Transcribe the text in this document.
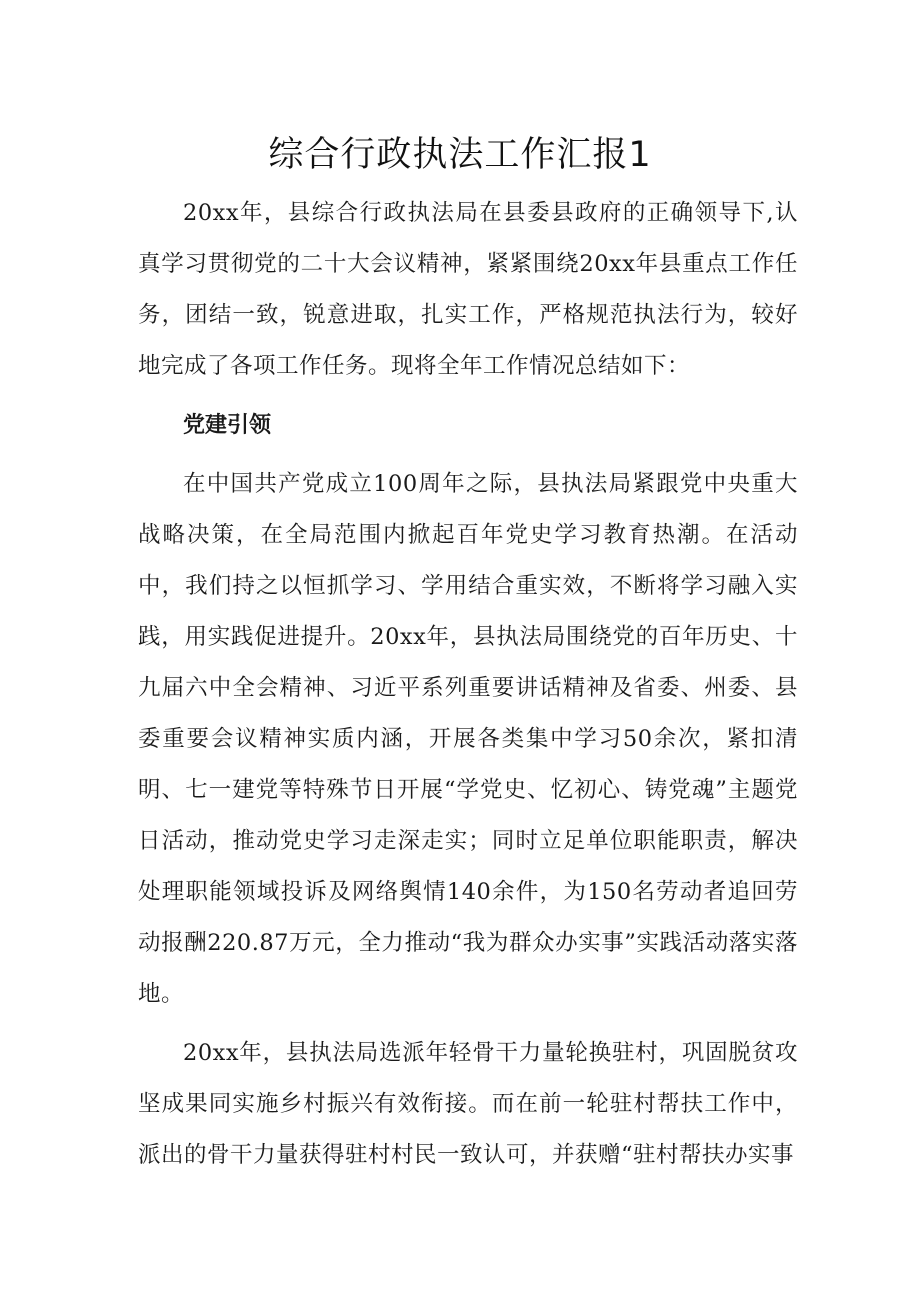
综合行政执法工作汇报1

20xx年，县综合行政执法局在县委县政府的正确领导下,认真学习贯彻党的二十大会议精神，紧紧围绕20xx年县重点工作任务，团结一致，锐意进取，扎实工作，严格规范执法行为，较好地完成了各项工作任务。现将全年工作情况总结如下：

党建引领

在中国共产党成立100周年之际，县执法局紧跟党中央重大战略决策，在全局范围内掀起百年党史学习教育热潮。在活动中，我们持之以恒抓学习、学用结合重实效，不断将学习融入实践，用实践促进提升。20xx年，县执法局围绕党的百年历史、十九届六中全会精神、习近平系列重要讲话精神及省委、州委、县委重要会议精神实质内涵，开展各类集中学习50余次，紧扣清明、七一建党等特殊节日开展“学党史、忆初心、铸党魂”主题党日活动，推动党史学习走深走实；同时立足单位职能职责，解决处理职能领域投诉及网络舆情140余件，为150名劳动者追回劳动报酬220.87万元，全力推动“我为群众办实事”实践活动落实落地。

20xx年，县执法局选派年轻骨干力量轮换驻村，巩固脱贫攻坚成果同实施乡村振兴有效衔接。而在前一轮驻村帮扶工作中，派出的骨干力量获得驻村村民一致认可，并获赠“驻村帮扶办实事
